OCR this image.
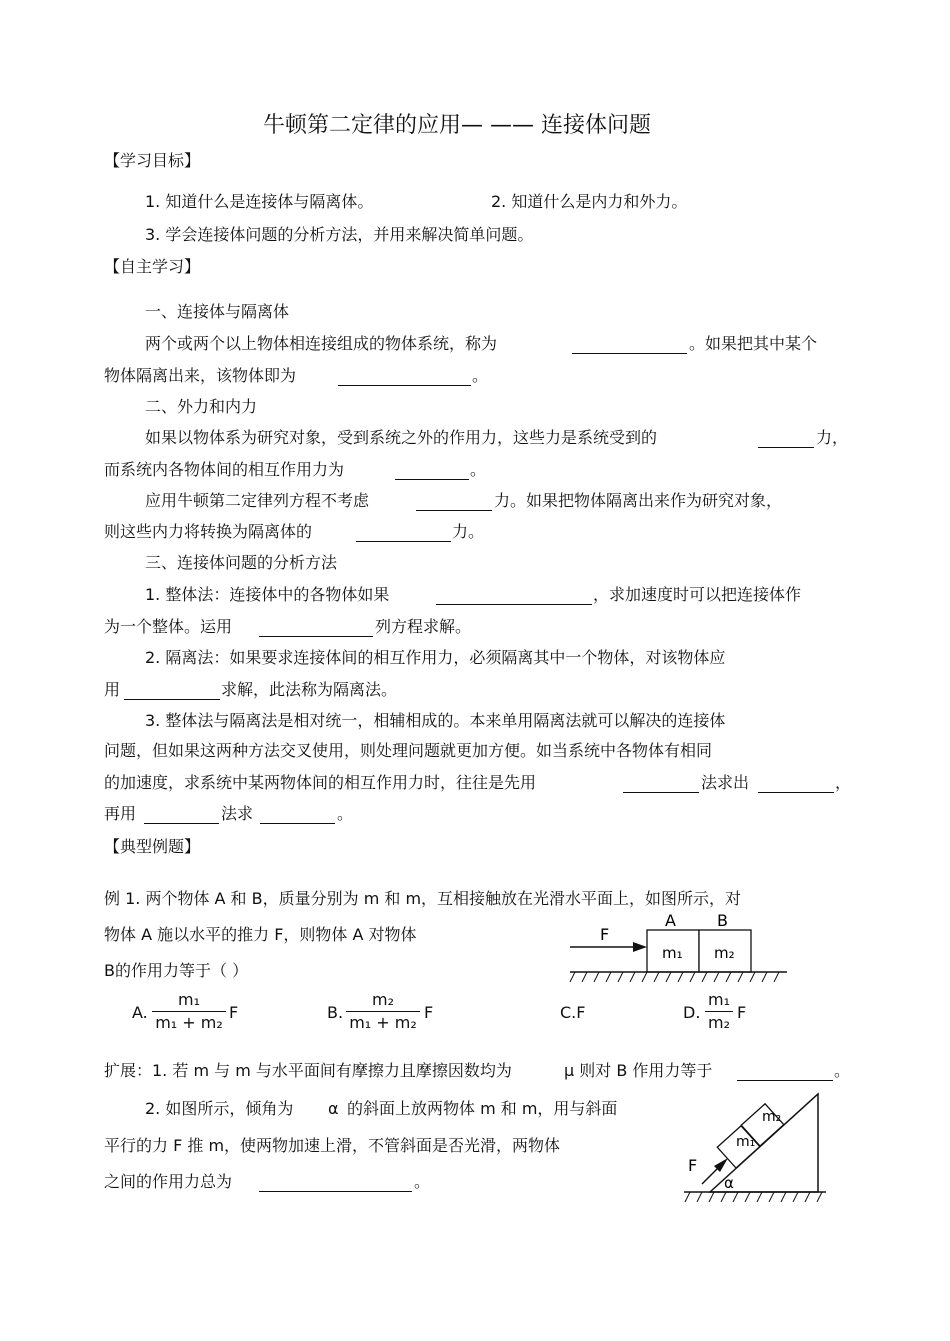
牛顿第二定律的应用— —— 连接体问题
【学习目标】
1. 知道什么是连接体与隔离体。	2. 知道什么是内力和外力。
3. 学会连接体问题的分析方法，并用来解决简单问题。
【自主学习】
一、连接体与隔离体
两个或两个以上物体相连接组成的物体系统，称为	。如果把其中某个
物体隔离出来，该物体即为	。
二、外力和内力
如果以物体系为研究对象，受到系统之外的作用力，这些力是系统受到的	力，
而系统内各物体间的相互作用力为	。
应用牛顿第二定律列方程不考虑	力。如果把物体隔离出来作为研究对象，
则这些内力将转换为隔离体的	力。
三、连接体问题的分析方法
1. 整体法：连接体中的各物体如果	，求加速度时可以把连接体作
为一个整体。运用	列方程求解。
2. 隔离法：如果要求连接体间的相互作用力，必须隔离其中一个物体，对该物体应
用	求解，此法称为隔离法。
3. 整体法与隔离法是相对统一，相辅相成的。本来单用隔离法就可以解决的连接体
问题，但如果这两种方法交叉使用，则处理问题就更加方便。如当系统中各物体有相同
的加速度，求系统中某两物体间的相互作用力时，往往是先用	法求出	，
再用	法求	。
【典型例题】
例 1. 两个物体 A 和 B，质量分别为 m 和 m，互相接触放在光滑水平面上，如图所示，对
物体 A 施以水平的推力 F，则物体 A 对物体
B的作用力等于（ ）
A	B
F
m₁ m₂
A.
m₁
m₁ + m₂
F	B.
m₂
m₁ + m₂
F	C.F	D.
m₁
m₂
F
扩展：1. 若 m 与 m 与水平面间有摩擦力且摩擦因数均为	μ 则对 B 作用力等于	。
2. 如图所示，倾角为 α 的斜面上放两物体 m 和 m，用与斜面
平行的力 F 推 m，使两物加速上滑，不管斜面是否光滑，两物体
之间的作用力总为	。
m₁
m₂
F
α
